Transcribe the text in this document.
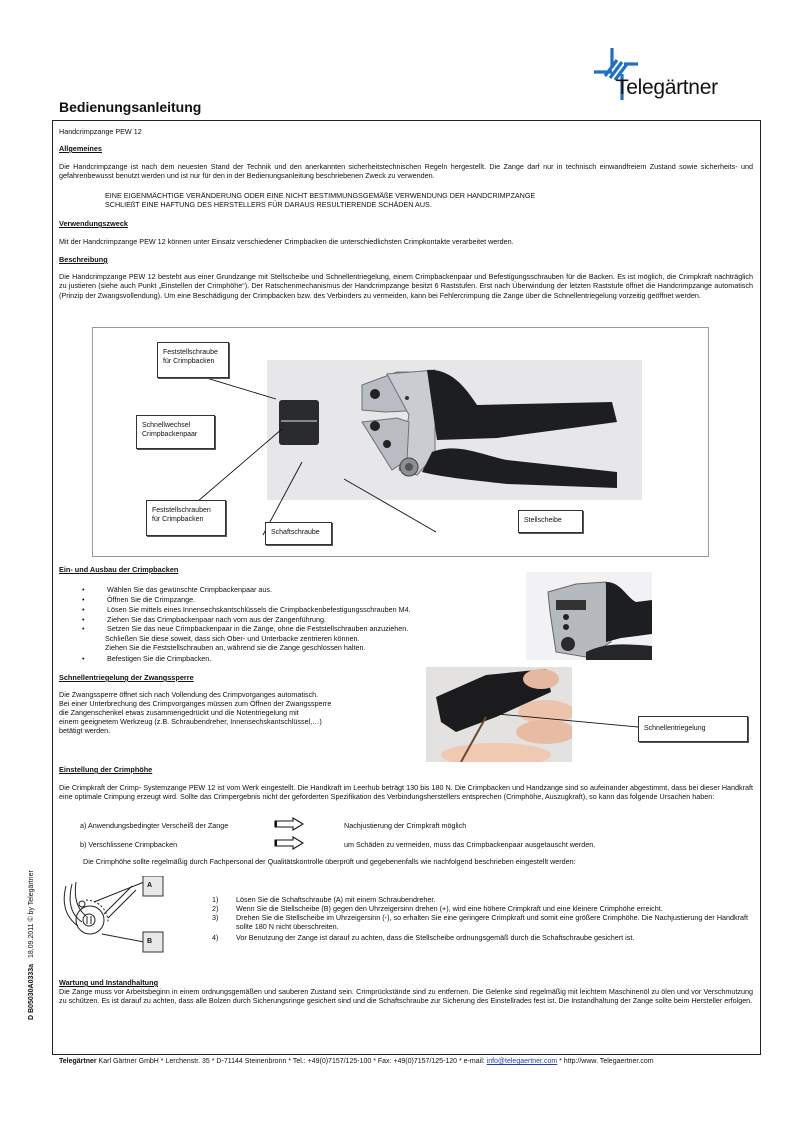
Telegärtner
Bedienungsanleitung
Handcrimpzange PEW 12
Allgemeines
Die Handcrimpzange ist nach dem neuesten Stand der Technik und den anerkannten sicherheitstechnischen Regeln hergestellt. Die Zange darf nur in technisch einwandfreiem Zustand sowie sicherheits- und gefahrenbewusst benutzt werden und ist nur für den in der Bedienungsanleitung beschriebenen Zweck zu verwenden.
EINE EIGENMÄCHTIGE VERÄNDERUNG ODER EINE NICHT BESTIMMUNGSGEMÄßE VERWENDUNG DER HANDCRIMPZANGE
SCHLIEßT EINE HAFTUNG DES HERSTELLERS FÜR DARAUS RESULTIERENDE SCHÄDEN AUS.
Verwendungszweck
Mit der Handcrimpzange PEW 12 können unter Einsatz verschiedener Crimpbacken die unterschiedlichsten Crimpkontakte verarbeitet werden.
Beschreibung
Die Handcrimpzange PEW 12 besteht aus einer Grundzange mit Stellscheibe und Schnellentriegelung, einem Crimpbackenpaar und Befestigungsschrauben für die Backen. Es ist möglich, die Crimpkraft nachträglich zu justieren (siehe auch Punkt „Einstellen der Crimphöhe“). Der Ratschenmechanismus der Handcrimpzange besitzt 6 Raststufen. Erst nach Überwindung der letzten Raststufe öffnet die Handcrimpzange automatisch (Prinzip der Zwangsvollendung). Um eine Beschädigung der Crimpbacken bzw. des Verbinders zu vermeiden, kann bei Fehlercrimpung die Zange über die Schnellentriegelung vorzeitig geöffnet werden.
Feststellschraube
für Crimpbacken
Schnellwechsel
Crimpbackenpaar
Feststellschrauben
für Crimpbacken
Schaftschraube
Stellscheibe
Ein- und Ausbau der Crimpbacken
•	Wählen Sie das gewünschte Crimpbackenpaar aus.
•	Öffnen Sie die Crimpzange.
•	Lösen Sie mittels eines Innensechskantschlüssels die Crimpbackenbefestigungsschrauben M4.
•	Ziehen Sie das Crimpbackenpaar nach vorn aus der Zangenführung.
•	Setzen Sie das neue Crimpbackenpaar in die Zange, ohne die Feststellschrauben anzuziehen.
Schließen Sie diese soweit, dass sich Ober- und Unterbacke zentrieren können.
Ziehen Sie die Feststellschrauben an, während sie die Zange geschlossen halten.
•	Befestigen Sie die Crimpbacken.
Schnellentriegelung der Zwangssperre
Die Zwangssperre öffnet sich nach Vollendung des Crimpvorganges automatisch.
Bei einer Unterbrechung des Crimpvorganges müssen zum Öffnen der Zwangssperre
die Zangenschenkel etwas zusammengedrückt und die Notentriegelung mit
einem geeignetem Werkzeug (z.B. Schraubendreher, Innensechskantschlüssel,…)
betätigt werden.	Schnellentriegelung
Einstellung der Crimphöhe
Die Crimpkraft der Crimp- Systemzange PEW 12 ist vom Werk eingestellt. Die Handkraft im Leerhub beträgt 130 bis 180 N. Die Crimpbacken und Handzange sind so aufeinander abgestimmt, dass bei dieser Handkraft eine optimale Crimpung erzeugt wird. Sollte das Crimpergebnis nicht der geforderten Spezifikation des Verbindungsherstellers entsprechen (Crimphöhe, Auszugkraft), so kann das folgende Ursachen haben:
a) Anwendungsbedingter Verscheiß der Zange	Nachjustierung der Crimpkraft möglich
b) Verschlissene Crimpbacken	um Schäden zu vermeiden, muss das Crimpbackenpaar ausgetauscht werden.
Die Crimphöhe sollte regelmäßig durch Fachpersonal der Qualitätskontrolle überprüft und gegebenenfalls wie nachfolgend beschrieben eingestellt werden:
A
B
1) Lösen Sie die Schaftschraube (A) mit einem Schraubendreher.
2) Wenn Sie die Stellscheibe (B) gegen den Uhrzeigersinn drehen (+), wird eine höhere Crimpkraft und eine kleinere Crimphöhe erreicht.
3) Drehen Sie die Stellscheibe im Uhrzeigersinn (-), so erhalten Sie eine geringere Crimpkraft und somit eine größere Crimphöhe. Die Nachjustierung der Handkraft sollte 180 N nicht überschreiten.
4) Vor Benutzung der Zange ist darauf zu achten, dass die Stellscheibe ordnungsgemäß durch die Schaftschraube gesichert ist.
Wartung und Instandhaltung
Die Zange muss vor Arbeitsbeginn in einem ordnungsgemäßen und sauberen Zustand sein. Crimprückstände sind zu entfernen. Die Gelenke sind regelmäßig mit leichtem Maschinenöl zu ölen und vor Verschmutzung zu schützen. Es ist darauf zu achten, dass alle Bolzen durch Sicherungsringe gesichert sind und die Schaftschraube zur Sicherung des Einstellrades fest ist. Die Instandhaltung der Zange sollte beim Hersteller erfolgen.
D B05030A0333a 18.09.2011 © by Telegärtner
Telegärtner Karl Gärtner GmbH * Lerchenstr. 35 * D-71144 Steinenbronn * Tel.: +49(0)7157/125-100 * Fax: +49(0)7157/125-120 * e-mail: info@telegaertner.com * http://www. Telegaertner.com
